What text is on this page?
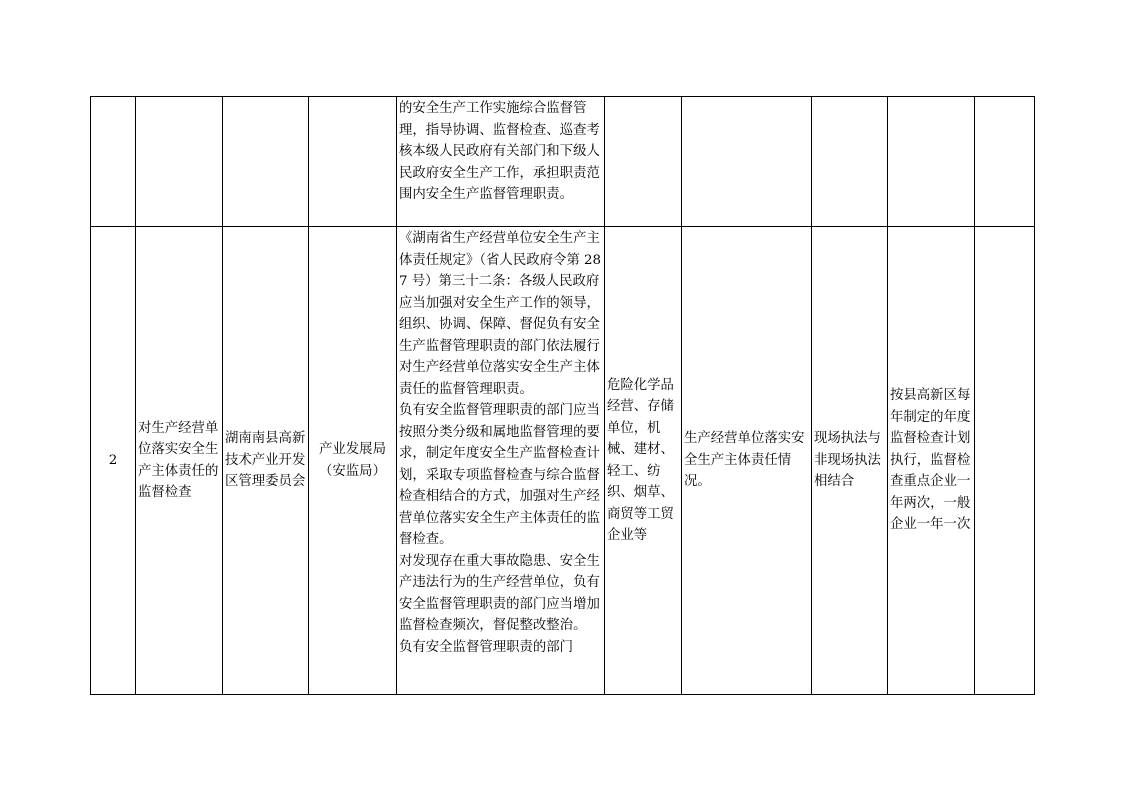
				的安全生产工作实施综合监督管理，指导协调、监督检查、巡查考核本级人民政府有关部门和下级人民政府安全生产工作，承担职责范围内安全生产监督管理职责。					

2	对生产经营单位落实安全生产主体责任的监督检查	湖南南县高新技术产业开发区管理委员会	产业发展局（安监局）	《湖南省生产经营单位安全生产主体责任规定》（省人民政府令第 287 号）第三十二条：各级人民政府应当加强对安全生产工作的领导，组织、协调、保障、督促负有安全生产监督管理职责的部门依法履行对生产经营单位落实安全生产主体责任的监督管理职责。
负有安全监督管理职责的部门应当按照分类分级和属地监督管理的要求，制定年度安全生产监督检查计划，采取专项监督检查与综合监督检查相结合的方式，加强对生产经营单位落实安全生产主体责任的监督检查。
对发现存在重大事故隐患、安全生产违法行为的生产经营单位，负有安全监督管理职责的部门应当增加监督检查频次，督促整改整治。
负有安全监督管理职责的部门	危险化学品经营、存储单位，机械、建材、轻工、纺织、烟草、商贸等工贸企业等	生产经营单位落实安全生产主体责任情况。	现场执法与非现场执法相结合	按县高新区每年制定的年度监督检查计划执行，监督检查重点企业一年两次，一般企业一年一次	
